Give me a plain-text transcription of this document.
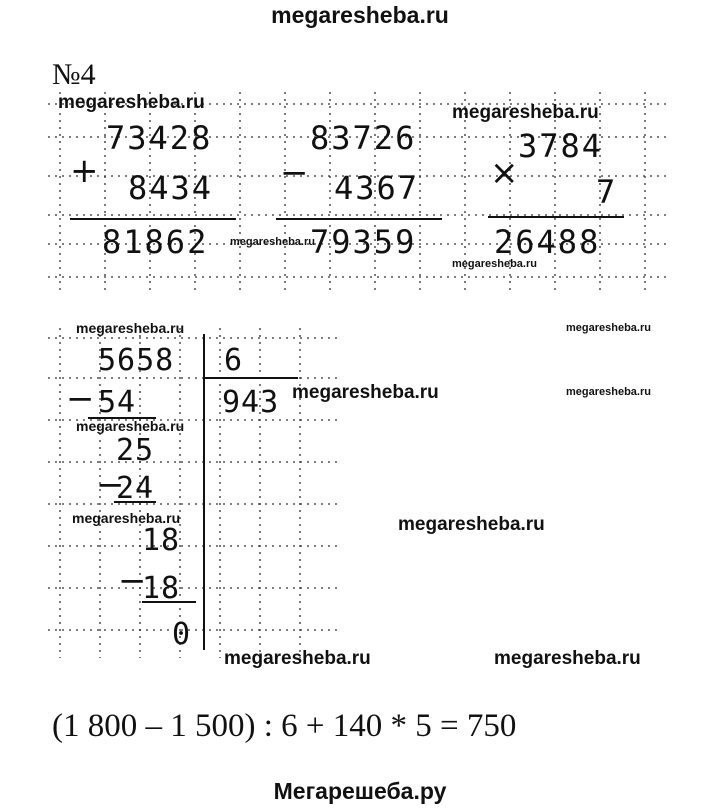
megaresheba.ru
№4
73428
+ 8434
81862
83726
− 4367
79359
3784
× 7
26488
5658 6
− 54	943
25
−
24
18
−
18
0
megaresheba.ru	megaresheba.ru
megaresheba.ru
megaresheba.ru
megaresheba.ru	megaresheba.ru
megaresheba.ru	megaresheba.ru
megaresheba.ru
megaresheba.ru	megaresheba.ru
megaresheba.ru	megaresheba.ru
(1 800 – 1 500) : 6 + 140 * 5 = 750
Мегарешеба.ру
